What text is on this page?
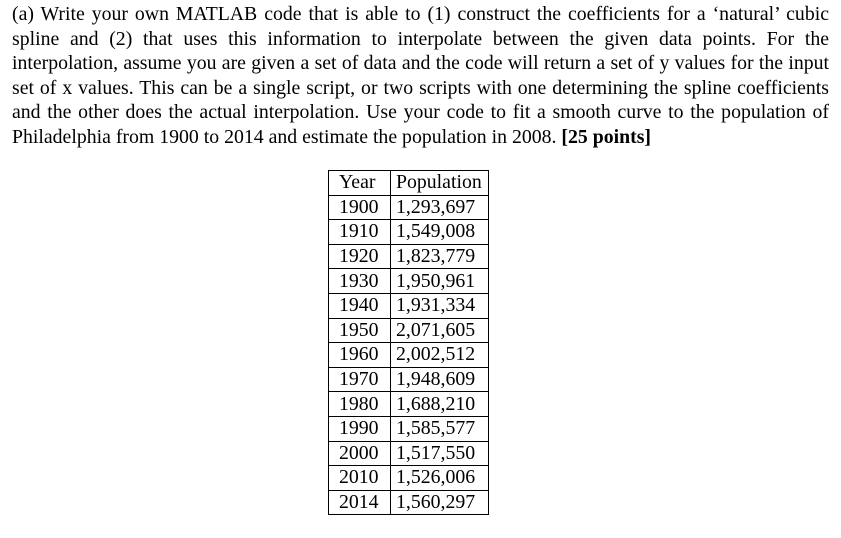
(a) Write your own MATLAB code that is able to (1) construct the coefficients for a ‘natural’ cubic spline and (2) that uses this information to interpolate between the given data points. For the interpolation, assume you are given a set of data and the code will return a set of y values for the input set of x values. This can be a single script, or two scripts with one determining the spline coefficients and the other does the actual interpolation. Use your code to fit a smooth curve to the population of Philadelphia from 1900 to 2014 and estimate the population in 2008. [25 points]

Year	Population
1900	1,293,697
1910	1,549,008
1920	1,823,779
1930	1,950,961
1940	1,931,334
1950	2,071,605
1960	2,002,512
1970	1,948,609
1980	1,688,210
1990	1,585,577
2000	1,517,550
2010	1,526,006
2014	1,560,297
